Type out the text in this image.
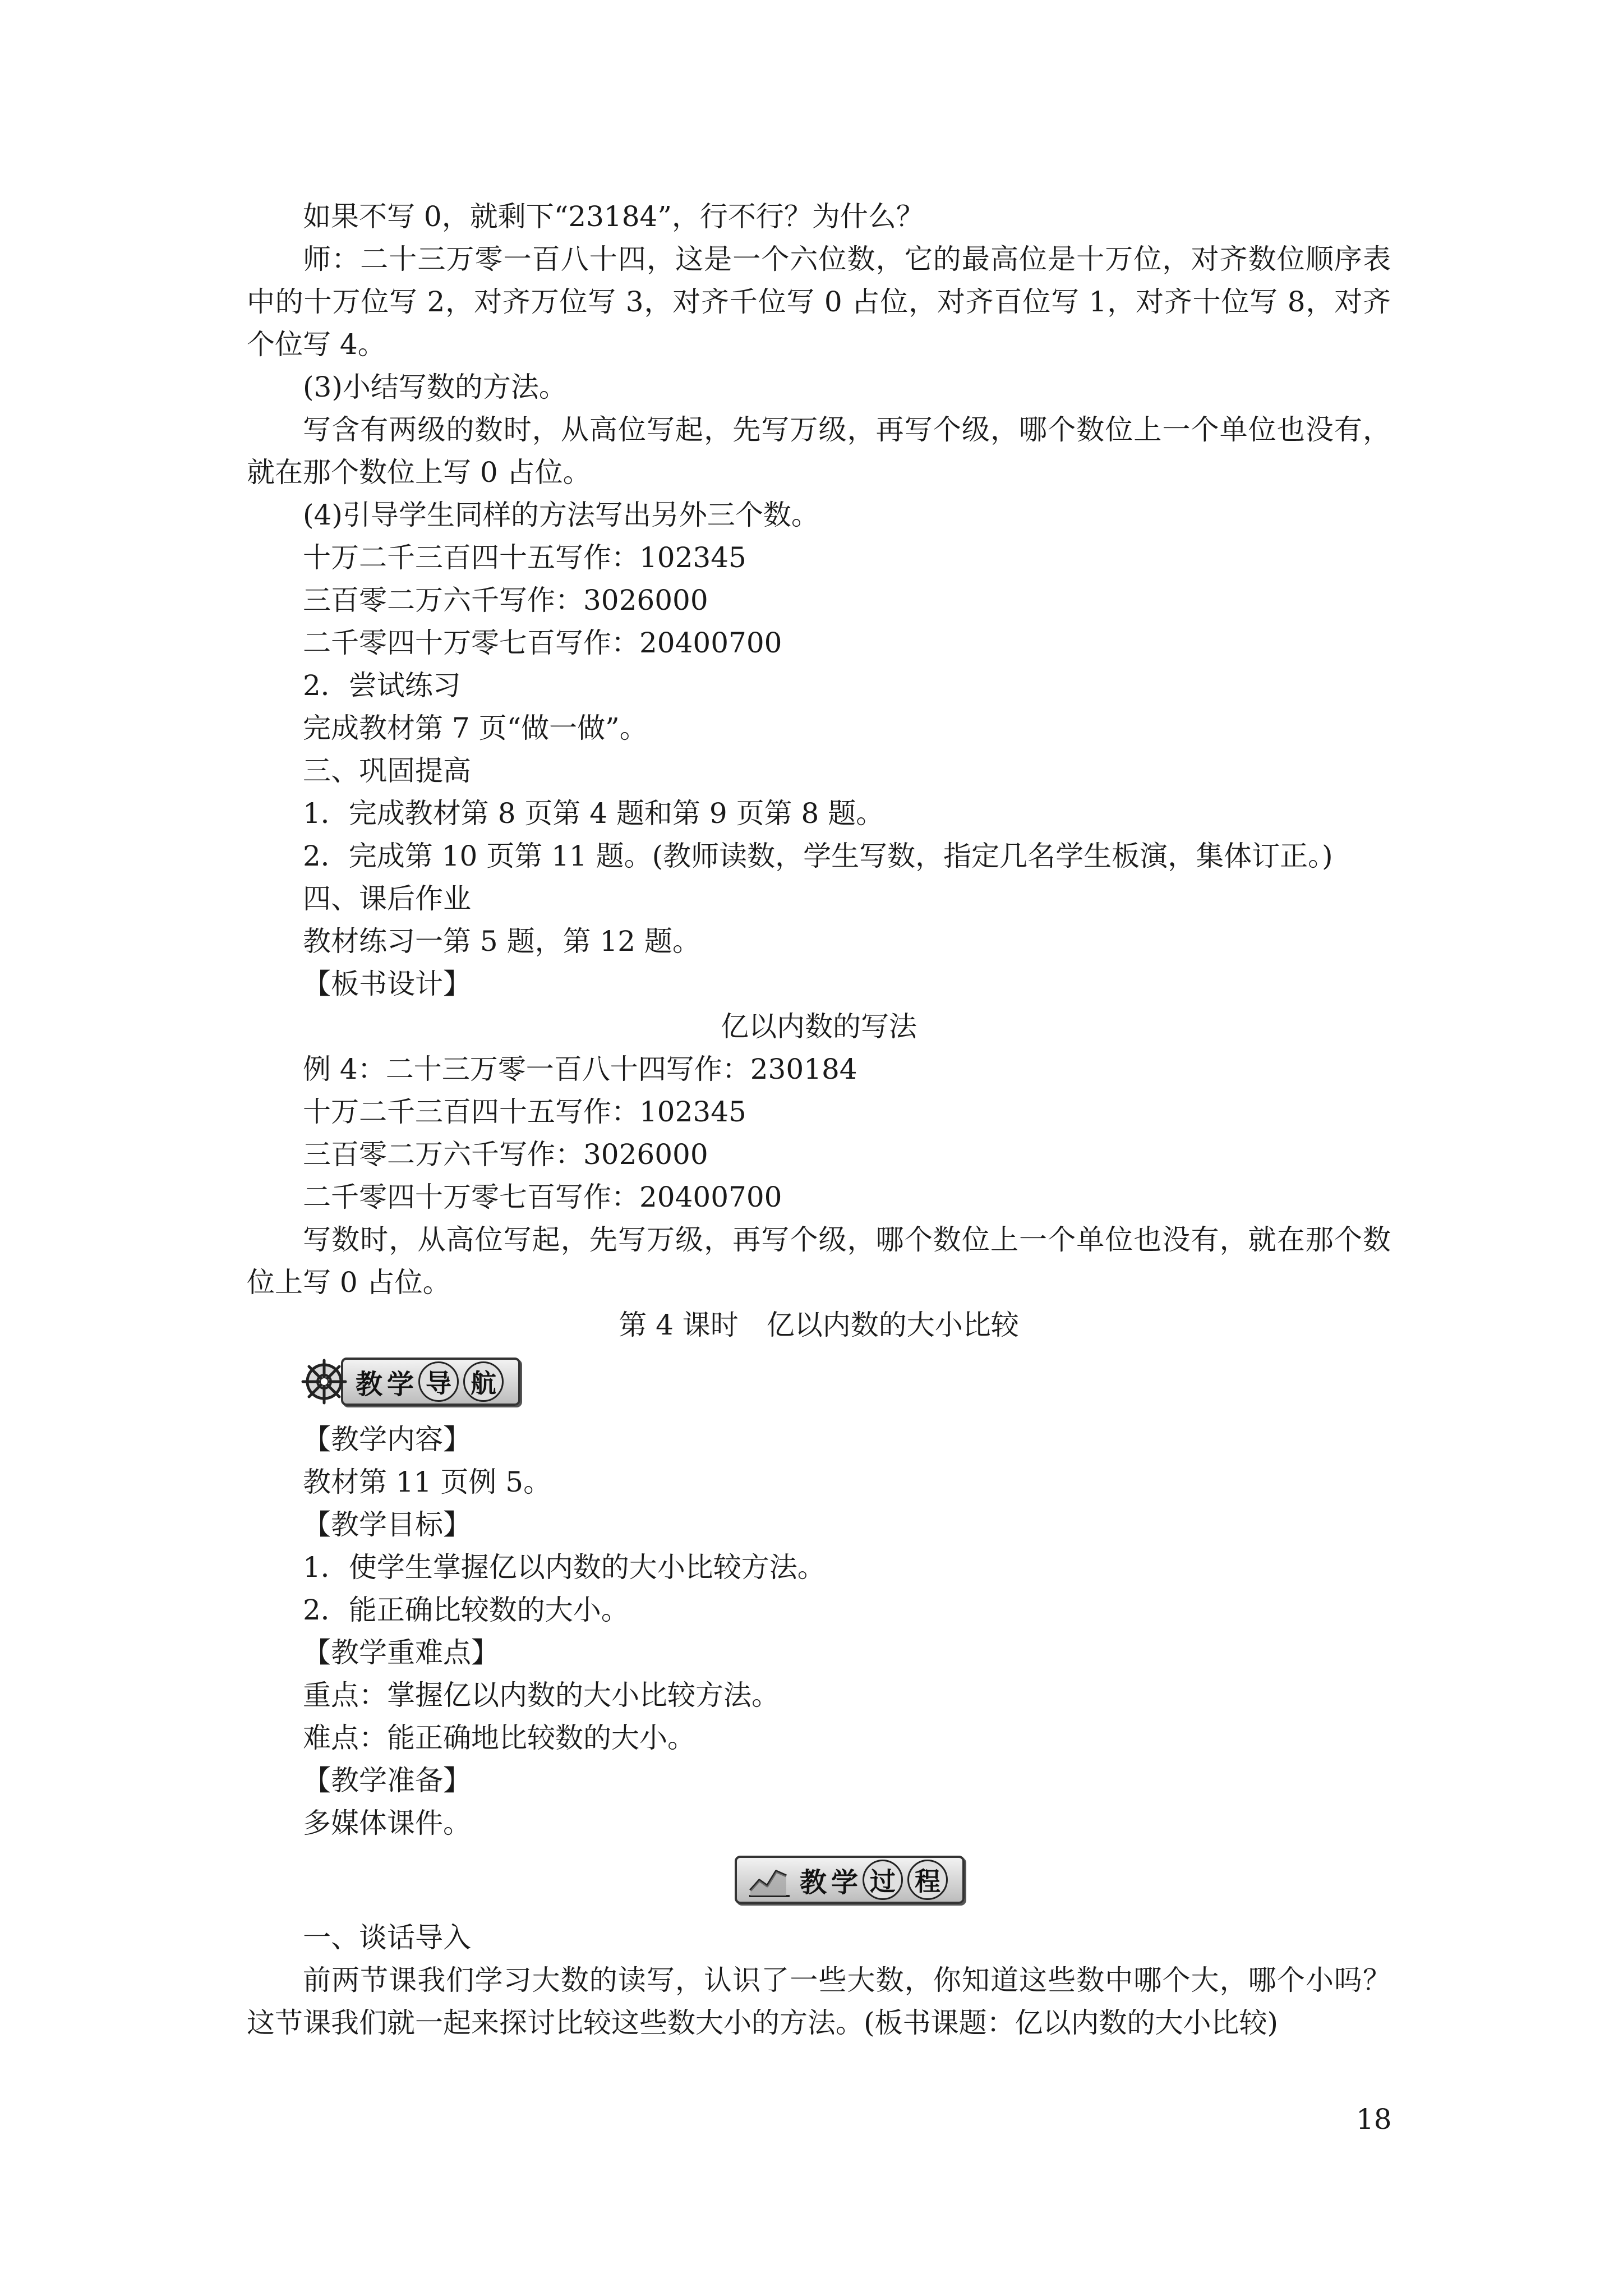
如果不写 0，就剩下“23184”，行不行？为什么？
师：二十三万零一百八十四，这是一个六位数，它的最高位是十万位，对齐数位顺序表中的十万位写 2，对齐万位写 3，对齐千位写 0 占位，对齐百位写 1，对齐十位写 8，对齐个位写 4。
(3)小结写数的方法。
写含有两级的数时，从高位写起，先写万级，再写个级，哪个数位上一个单位也没有，就在那个数位上写 0 占位。
(4)引导学生同样的方法写出另外三个数。
十万二千三百四十五写作：102345
三百零二万六千写作：3026000
二千零四十万零七百写作：20400700
2．尝试练习
完成教材第 7 页“做一做”。
三、巩固提高
1．完成教材第 8 页第 4 题和第 9 页第 8 题。
2．完成第 10 页第 11 题。(教师读数，学生写数，指定几名学生板演，集体订正。)
四、课后作业
教材练习一第 5 题，第 12 题。
【板书设计】
亿以内数的写法
例 4：二十三万零一百八十四写作：230184
十万二千三百四十五写作：102345
三百零二万六千写作：3026000
二千零四十万零七百写作：20400700
写数时，从高位写起，先写万级，再写个级，哪个数位上一个单位也没有，就在那个数位上写 0 占位。
第 4 课时　亿以内数的大小比较
教 学 导 航
【教学内容】
教材第 11 页例 5。
【教学目标】
1．使学生掌握亿以内数的大小比较方法。
2．能正确比较数的大小。
【教学重难点】
重点：掌握亿以内数的大小比较方法。
难点：能正确地比较数的大小。
【教学准备】
多媒体课件。
教 学 过 程
一、谈话导入
前两节课我们学习大数的读写，认识了一些大数，你知道这些数中哪个大，哪个小吗？这节课我们就一起来探讨比较这些数大小的方法。(板书课题：亿以内数的大小比较)
18
